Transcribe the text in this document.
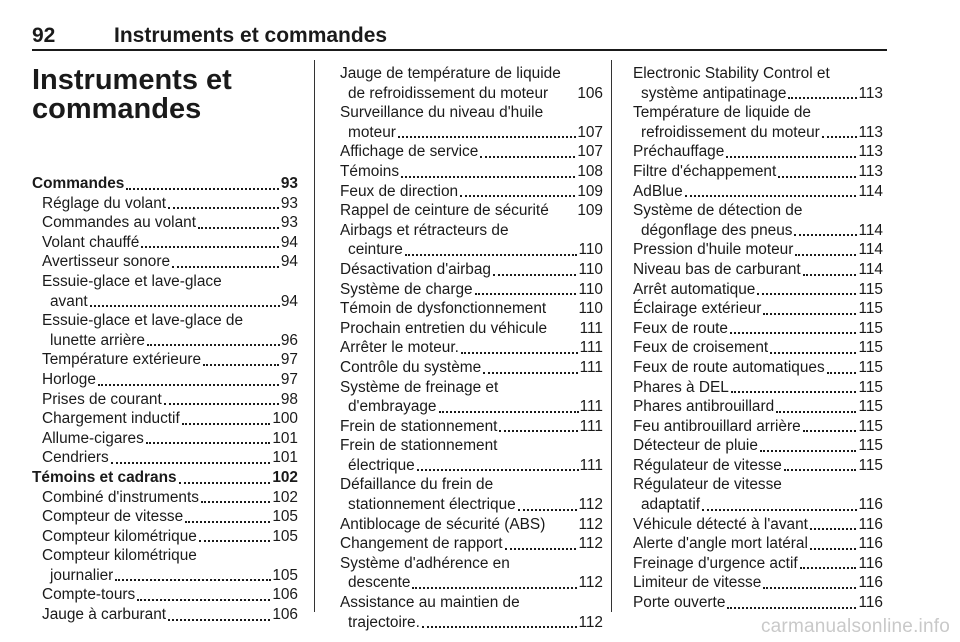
92	Instruments et commandes
Instruments et
commandes
Commandes	93
Réglage du volant	93
Commandes au volant	93
Volant chauffé	94
Avertisseur sonore	94
Essuie-glace et lave-glace
avant	94
Essuie-glace et lave-glace de
lunette arrière	96
Température extérieure	97
Horloge	97
Prises de courant	98
Chargement inductif	100
Allume-cigares	101
Cendriers	101
Témoins et cadrans	102
Combiné d'instruments	102
Compteur de vitesse	105
Compteur kilométrique	105
Compteur kilométrique
journalier	105
Compte-tours	106
Jauge à carburant	106
Jauge de température de liquide
de refroidissement du moteur 106
Surveillance du niveau d'huile
moteur	107
Affichage de service	107
Témoins	108
Feux de direction	109
Rappel de ceinture de sécurité 109
Airbags et rétracteurs de
ceinture	110
Désactivation d'airbag	110
Système de charge	110
Témoin de dysfonctionnement 110
Prochain entretien du véhicule 111
Arrêter le moteur.	111
Contrôle du système	111
Système de freinage et
d'embrayage	111
Frein de stationnement	111
Frein de stationnement
électrique	111
Défaillance du frein de
stationnement électrique	112
Antiblocage de sécurité (ABS) 112
Changement de rapport	112
Système d'adhérence en
descente	112
Assistance au maintien de
trajectoire.	112
Electronic Stability Control et
système antipatinage	113
Température de liquide de
refroidissement du moteur	113
Préchauffage	113
Filtre d'échappement	113
AdBlue	114
Système de détection de
dégonflage des pneus	114
Pression d'huile moteur	114
Niveau bas de carburant	114
Arrêt automatique	115
Éclairage extérieur	115
Feux de route	115
Feux de croisement	115
Feux de route automatiques 115
Phares à DEL	115
Phares antibrouillard	115
Feu antibrouillard arrière	115
Détecteur de pluie	115
Régulateur de vitesse	115
Régulateur de vitesse
adaptatif	116
Véhicule détecté à l'avant	116
Alerte d'angle mort latéral	116
Freinage d'urgence actif	116
Limiteur de vitesse	116
Porte ouverte	116
carmanualsonline.info
